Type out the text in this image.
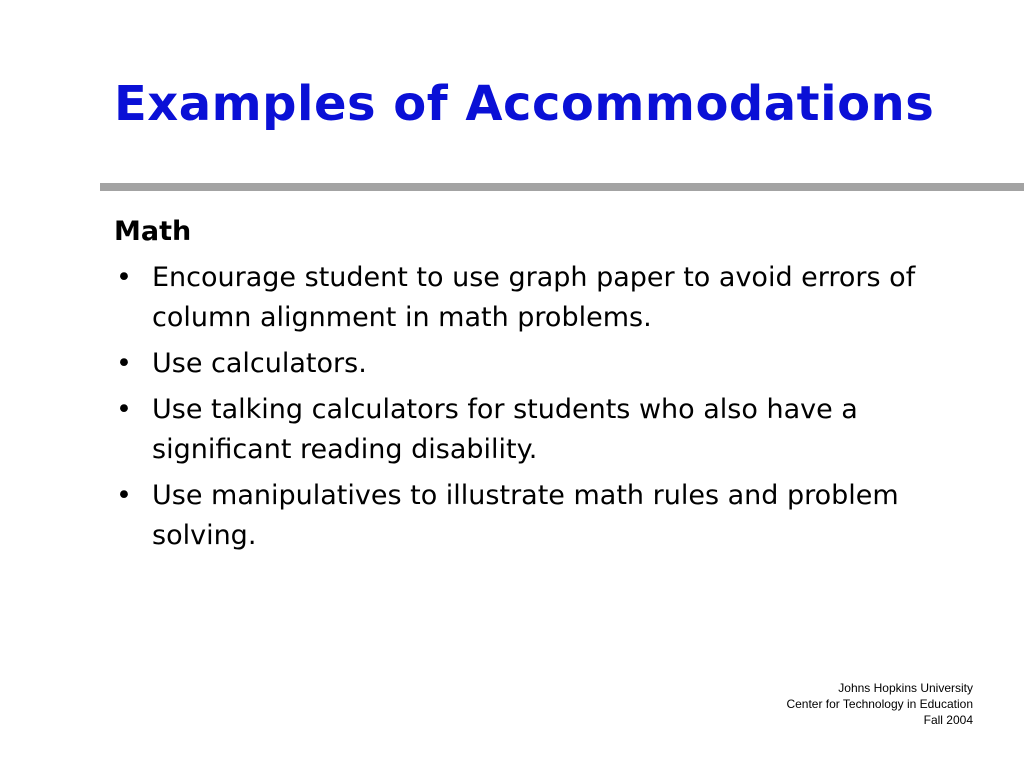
Examples of Accommodations
Math
• Encourage student to use graph paper to avoid errors of column alignment in math problems.
• Use calculators.
• Use talking calculators for students who also have a significant reading disability.
• Use manipulatives to illustrate math rules and problem solving.
Johns Hopkins University
Center for Technology in Education
Fall 2004
